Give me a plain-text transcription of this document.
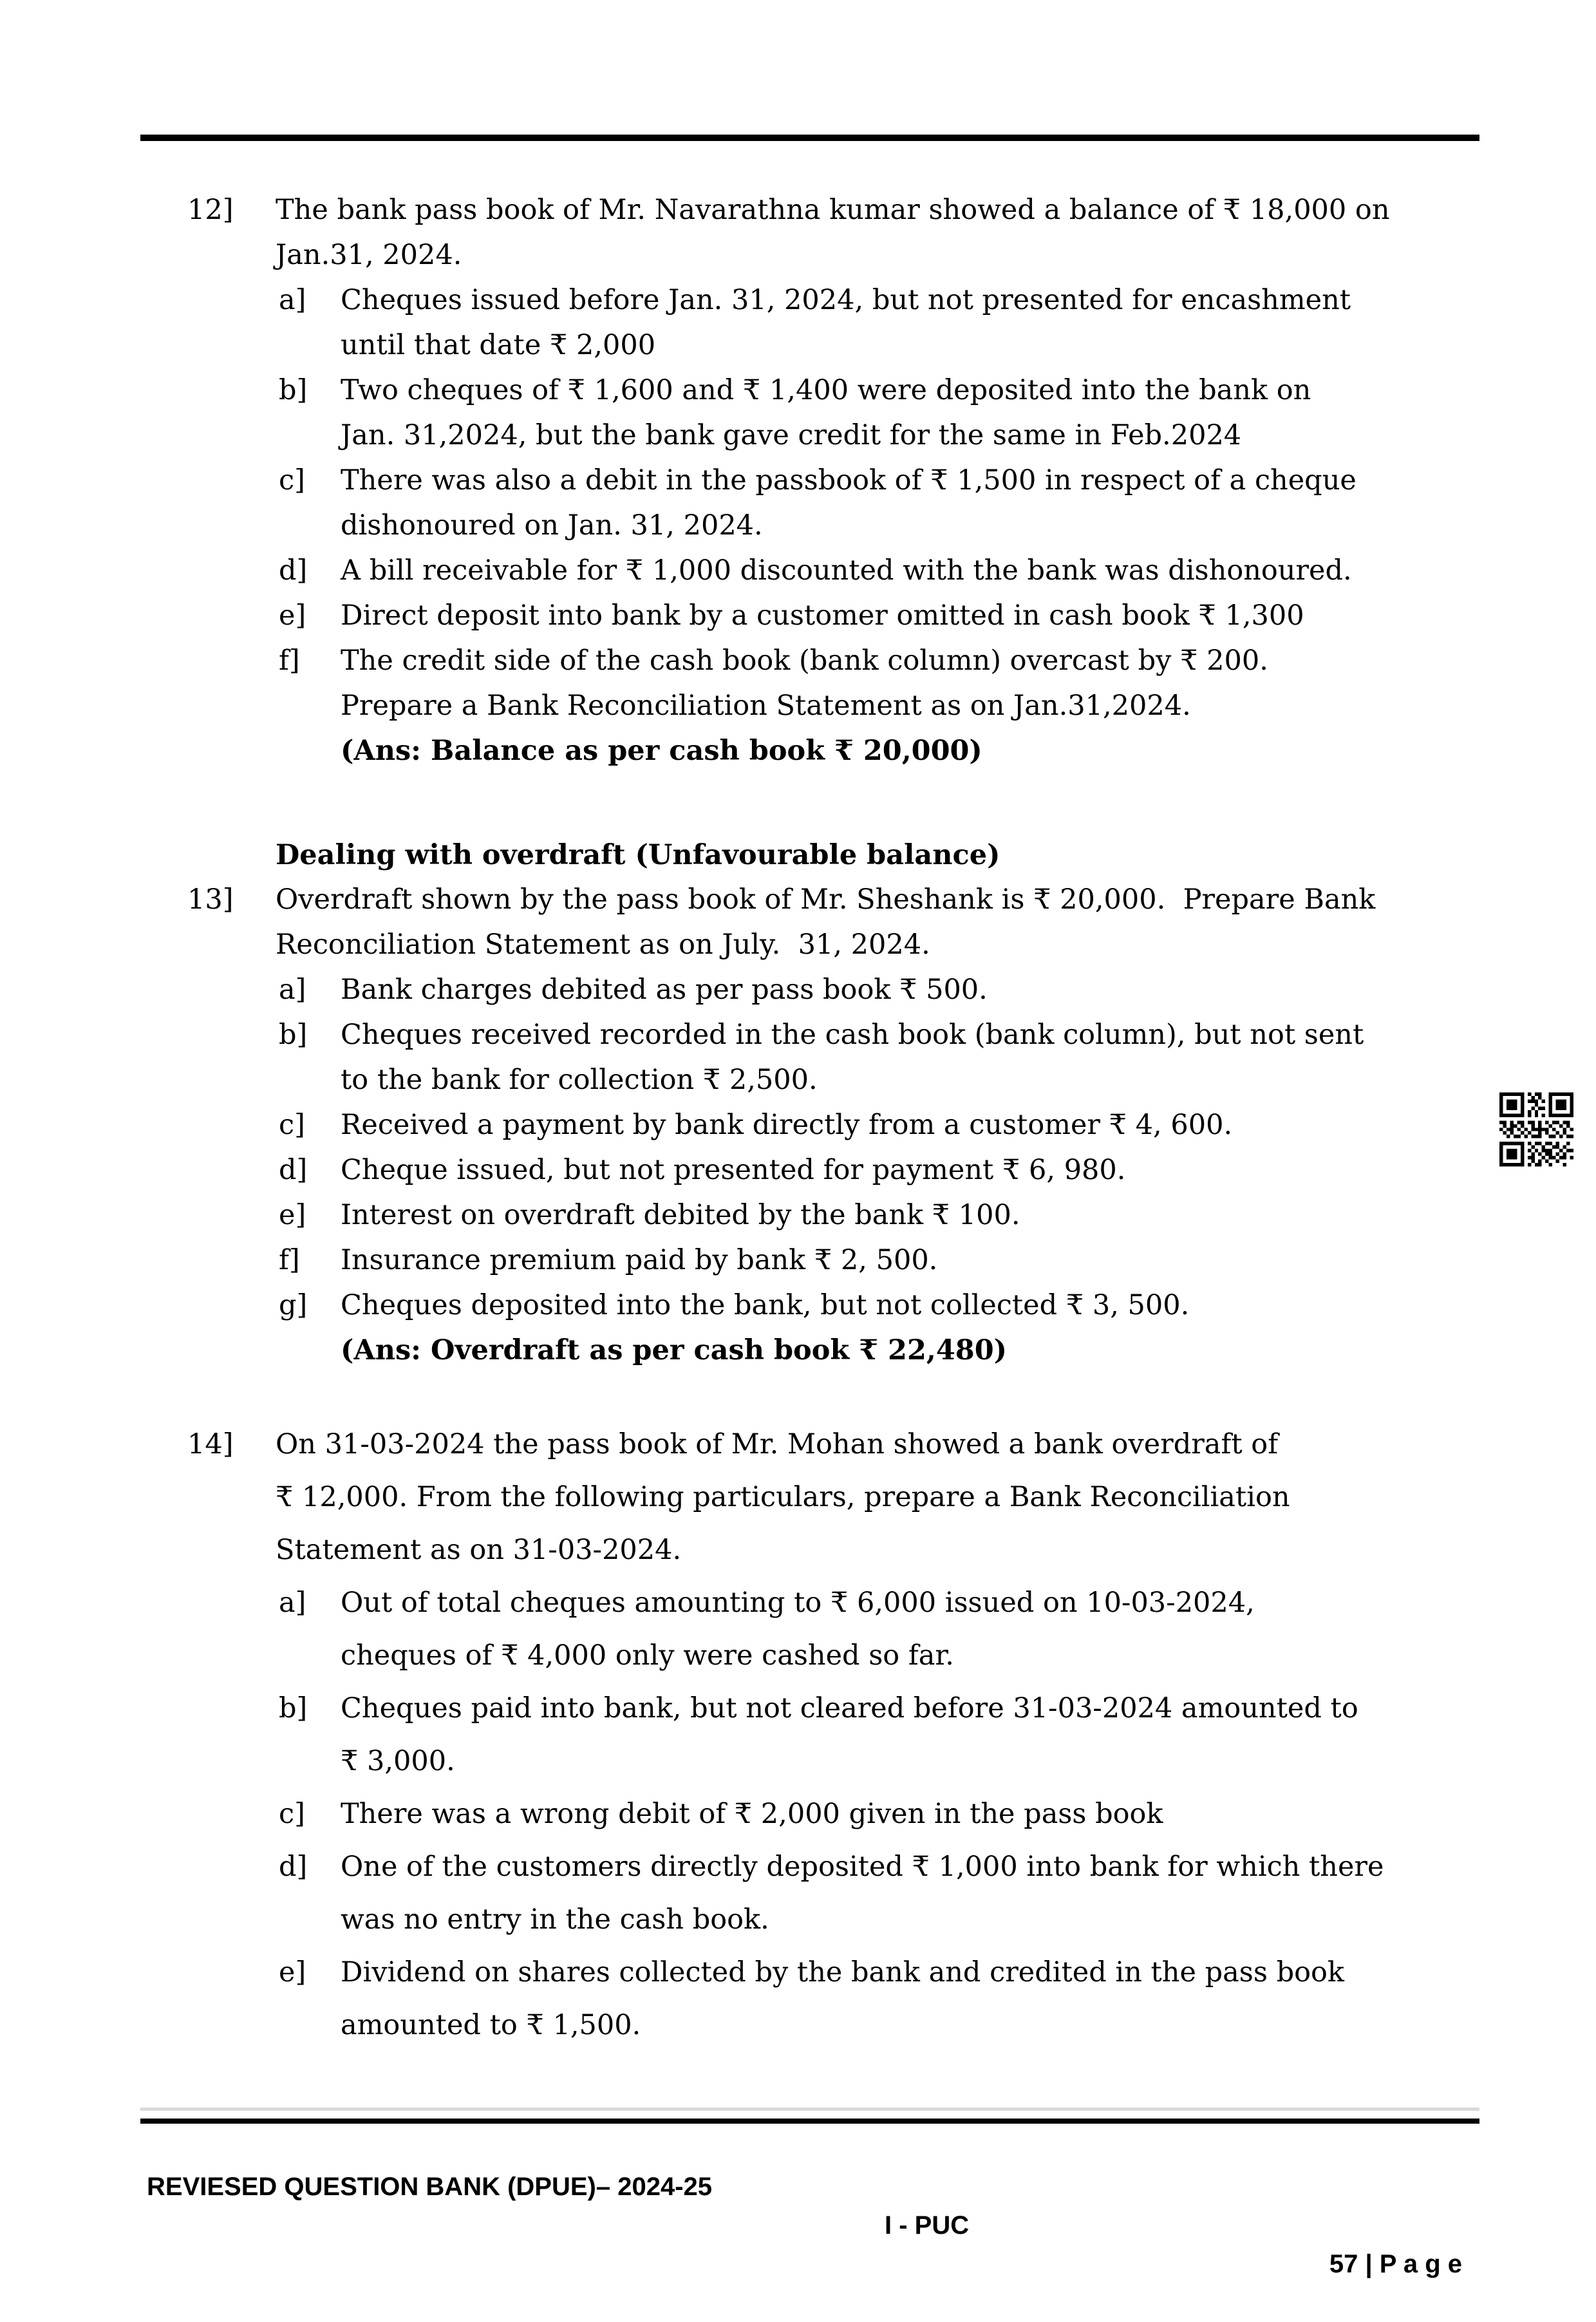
12]

The bank pass book of Mr. Navarathna kumar showed a balance of ₹ 18,000 on

Jan.31, 2024.

a]

Cheques issued before Jan. 31, 2024, but not presented for encashment

until that date ₹ 2,000

b]

Two cheques of ₹ 1,600 and ₹ 1,400 were deposited into the bank on

Jan. 31,2024, but the bank gave credit for the same in Feb.2024

c]

There was also a debit in the passbook of ₹ 1,500 in respect of a cheque

dishonoured on Jan. 31, 2024.

d]

A bill receivable for ₹ 1,000 discounted with the bank was dishonoured.

e]

Direct deposit into bank by a customer omitted in cash book ₹ 1,300

f]

The credit side of the cash book (bank column) overcast by ₹ 200.

Prepare a Bank Reconciliation Statement as on Jan.31,2024.

(Ans: Balance as per cash book ₹ 20,000)

Dealing with overdraft (Unfavourable balance)

13]

Overdraft shown by the pass book of Mr. Sheshank is ₹ 20,000.  Prepare Bank

Reconciliation Statement as on July.  31, 2024.

a]

Bank charges debited as per pass book ₹ 500.

b]

Cheques received recorded in the cash book (bank column), but not sent

to the bank for collection ₹ 2,500.

c]

Received a payment by bank directly from a customer ₹ 4, 600.

d]

Cheque issued, but not presented for payment ₹ 6, 980.

e]

Interest on overdraft debited by the bank ₹ 100.

f]

Insurance premium paid by bank ₹ 2, 500.

g]

Cheques deposited into the bank, but not collected ₹ 3, 500.

(Ans: Overdraft as per cash book ₹ 22,480)

14]

On 31-03-2024 the pass book of Mr. Mohan showed a bank overdraft of

₹ 12,000. From the following particulars, prepare a Bank Reconciliation

Statement as on 31-03-2024.

a]

Out of total cheques amounting to ₹ 6,000 issued on 10-03-2024,

cheques of ₹ 4,000 only were cashed so far.

b]

Cheques paid into bank, but not cleared before 31-03-2024 amounted to

₹ 3,000.

c]

There was a wrong debit of ₹ 2,000 given in the pass book

d]

One of the customers directly deposited ₹ 1,000 into bank for which there

was no entry in the cash book.

e]

Dividend on shares collected by the bank and credited in the pass book

amounted to ₹ 1,500.

REVIESED QUESTION BANK (DPUE)– 2024-25

I - PUC

57 | P a g e
